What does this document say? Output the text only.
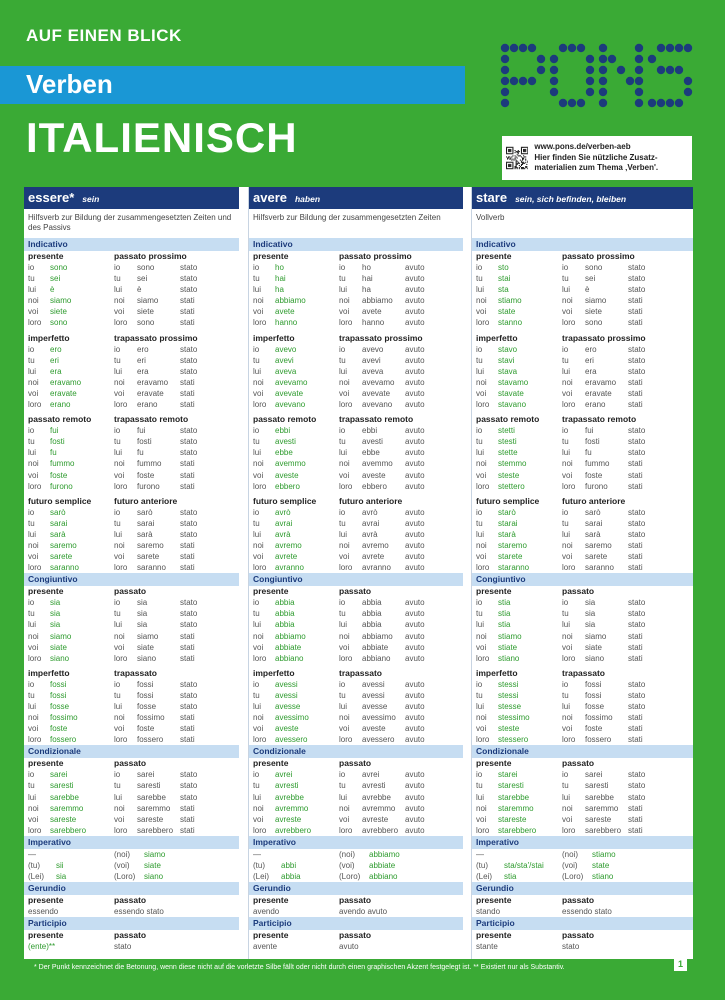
AUF EINEN BLICK
Verben
ITALIENISCH	www.pons.de/verben-aeb
Hier finden Sie nützliche Zusatz-materialien zum Thema ‚Verben'.
essere* sein
Hilfsverb zur Bildung der zusammengesetzten Zeiten und des Passivs
Indicativo
presente	passato prossimo
io	sono	io	sono	stato
tu	sei	tu	sei	stato
lui	è	lui	è	stato
noi	siamo	noi	siamo	stati
voi	siete	voi	siete	stati
loro	sono	loro	sono	stati
imperfetto	trapassato prossimo
io	ero	io	ero	stato
tu	eri	tu	eri	stato
lui	era	lui	era	stato
noi	eravamo	noi	eravamo	stati
voi	eravate	voi	eravate	stati
loro	erano	loro	erano	stati
passato remoto	trapassato remoto
io	fui	io	fui	stato
tu	fosti	tu	fosti	stato
lui	fu	lui	fu	stato
noi	fummo	noi	fummo	stati
voi	foste	voi	foste	stati
loro	furono	loro	furono	stati
futuro semplice	futuro anteriore
io	sarò	io	sarò	stato
tu	sarai	tu	sarai	stato
lui	sarà	lui	sarà	stato
noi	saremo	noi	saremo	stati
voi	sarete	voi	sarete	stati
loro	saranno	loro	saranno	stati
Congiuntivo
presente	passato
io	sia	io	sia	stato
tu	sia	tu	sia	stato
lui	sia	lui	sia	stato
noi	siamo	noi	siamo	stati
voi	siate	voi	siate	stati
loro	siano	loro	siano	stati
imperfetto	trapassato
io	fossi	io	fossi	stato
tu	fossi	tu	fossi	stato
lui	fosse	lui	fosse	stato
noi	fossimo	noi	fossimo	stati
voi	foste	voi	foste	stati
loro	fossero	loro	fossero	stati
Condizionale
presente	passato
io	sarei	io	sarei	stato
tu	saresti	tu	saresti	stato
lui	sarebbe	lui	sarebbe	stato
noi	saremmo	noi	saremmo	stati
voi	sareste	voi	sareste	stati
loro	sarebbero	loro	sarebbero stati
Imperativo
—	(noi)	siamo
(tu)	sii	(voi)	siate
(Lei)	sia	(Loro)	siano
Gerundio
presente	passato
essendo	essendo stato
Participio
presente	passato
(ente)**	stato
avere haben
Hilfsverb zur Bildung der zusammengesetzten Zeiten
Indicativo
presente	passato prossimo
io	ho	io	ho	avuto
tu	hai	tu	hai	avuto
lui	ha	lui	ha	avuto
noi	abbiamo	noi	abbiamo	avuto
voi	avete	voi	avete	avuto
loro	hanno	loro	hanno	avuto
imperfetto	trapassato prossimo
io	avevo	io	avevo	avuto
tu	avevi	tu	avevi	avuto
lui	aveva	lui	aveva	avuto
noi	avevamo	noi	avevamo	avuto
voi	avevate	voi	avevate	avuto
loro	avevano	loro	avevano	avuto
passato remoto	trapassato remoto
io	ebbi	io	ebbi	avuto
tu	avesti	tu	avesti	avuto
lui	ebbe	lui	ebbe	avuto
noi	avemmo	noi	avemmo	avuto
voi	aveste	voi	aveste	avuto
loro	ebbero	loro	ebbero	avuto
futuro semplice	futuro anteriore
io	avrò	io	avrò	avuto
tu	avrai	tu	avrai	avuto
lui	avrà	lui	avrà	avuto
noi	avremo	noi	avremo	avuto
voi	avrete	voi	avrete	avuto
loro	avranno	loro	avranno	avuto
Congiuntivo
presente	passato
io	abbia	io	abbia	avuto
tu	abbia	tu	abbia	avuto
lui	abbia	lui	abbia	avuto
noi	abbiamo	noi	abbiamo	avuto
voi	abbiate	voi	abbiate	avuto
loro	abbiano	loro	abbiano	avuto
imperfetto	trapassato
io	avessi	io	avessi	avuto
tu	avessi	tu	avessi	avuto
lui	avesse	lui	avesse	avuto
noi	avessimo	noi	avessimo	avuto
voi	aveste	voi	aveste	avuto
loro	avessero	loro	avessero	avuto
Condizionale
presente	passato
io	avrei	io	avrei	avuto
tu	avresti	tu	avresti	avuto
lui	avrebbe	lui	avrebbe	avuto
noi	avremmo	noi	avremmo	avuto
voi	avreste	voi	avreste	avuto
loro	avrebbero	loro	avrebbero avuto
Imperativo
—	(noi)	abbiamo
(tu)	abbi	(voi)	abbiate
(Lei)	abbia	(Loro)	abbiano
Gerundio
presente	passato
avendo	avendo avuto
Participio
presente	passato
avente	avuto
stare sein, sich befinden, bleiben
Vollverb
Indicativo
presente	passato prossimo
io	sto	io	sono	stato
tu	stai	tu	sei	stato
lui	sta	lui	è	stato
noi	stiamo	noi	siamo	stati
voi	state	voi	siete	stati
loro	stanno	loro	sono	stati
imperfetto	trapassato prossimo
io	stavo	io	ero	stato
tu	stavi	tu	eri	stato
lui	stava	lui	era	stato
noi	stavamo	noi	eravamo	stati
voi	stavate	voi	eravate	stati
loro	stavano	loro	erano	stati
passato remoto	trapassato remoto
io	stetti	io	fui	stato
tu	stesti	tu	fosti	stato
lui	stette	lui	fu	stato
noi	stemmo	noi	fummo	stati
voi	steste	voi	foste	stati
loro	stettero	loro	furono	stati
futuro semplice	futuro anteriore
io	starò	io	sarò	stato
tu	starai	tu	sarai	stato
lui	starà	lui	sarà	stato
noi	staremo	noi	saremo	stati
voi	starete	voi	sarete	stati
loro	staranno	loro	saranno	stati
Congiuntivo
presente	passato
io	stia	io	sia	stato
tu	stia	tu	sia	stato
lui	stia	lui	sia	stato
noi	stiamo	noi	siamo	stati
voi	stiate	voi	siate	stati
loro	stiano	loro	siano	stati
imperfetto	trapassato
io	stessi	io	fossi	stato
tu	stessi	tu	fossi	stato
lui	stesse	lui	fosse	stato
noi	stessimo	noi	fossimo	stati
voi	steste	voi	foste	stati
loro	stessero	loro	fossero	stati
Condizionale
presente	passato
io	starei	io	sarei	stato
tu	staresti	tu	saresti	stato
lui	starebbe	lui	sarebbe	stato
noi	staremmo	noi	saremmo	stati
voi	stareste	voi	sareste	stati
loro	starebbero	loro	sarebbero stati
Imperativo
—	(noi)	stiamo
(tu)	sta/sta'/stai	(voi)	state
(Lei)	stia	(Loro)	stiano
Gerundio
presente	passato
stando	essendo stato
Participio
presente	passato
stante	stato
* Der Punkt kennzeichnet die Betonung, wenn diese nicht auf die vorletzte Silbe fällt oder nicht durch einen graphischen Akzent festgelegt ist. ** Existiert nur als Substantiv.	1
